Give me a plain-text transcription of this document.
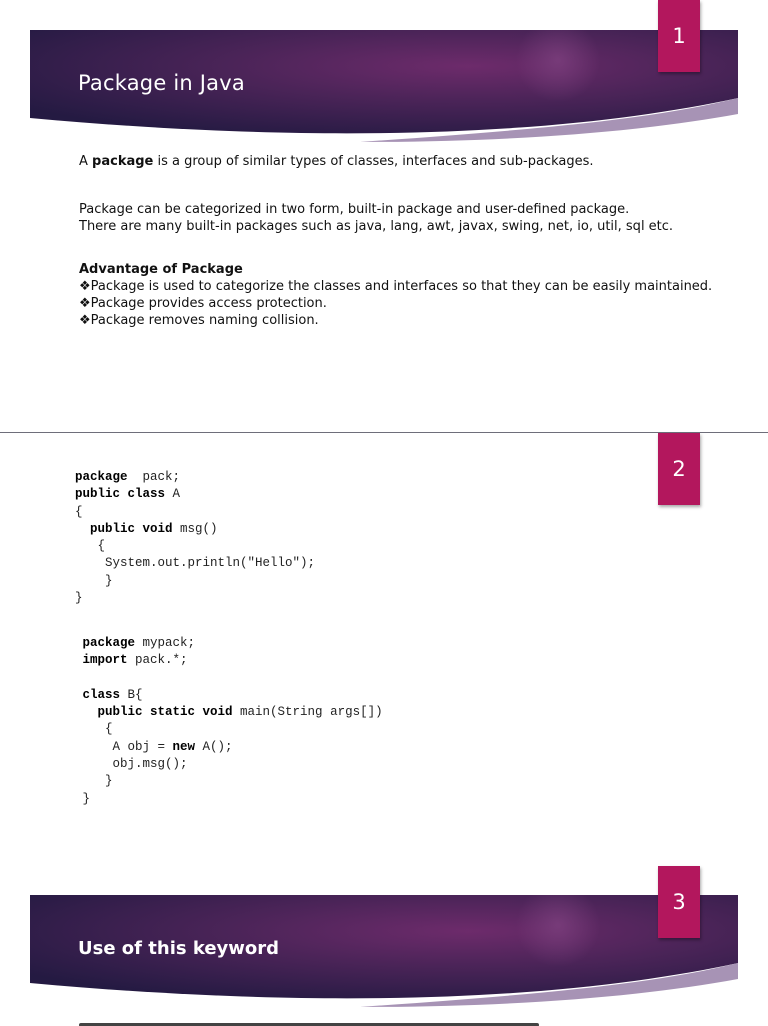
Package in Java
1

A package is a group of similar types of classes, interfaces and sub-packages.

Package can be categorized in two form, built-in package and user-defined package.

There are many built-in packages such as java, lang, awt, javax, swing, net, io, util, sql etc.

Advantage of Package

❖Package is used to categorize the classes and interfaces so that they can be easily maintained.

❖Package provides access protection.

❖Package removes naming collision.

2
package  pack;
public class A
{
public void msg()
{
System.out.println("Hello");
}
}
package mypack;
import pack.*;

class B{
public static void main(String args[])
{
A obj = new A();
obj.msg();
}
}
Use of this keyword
3
